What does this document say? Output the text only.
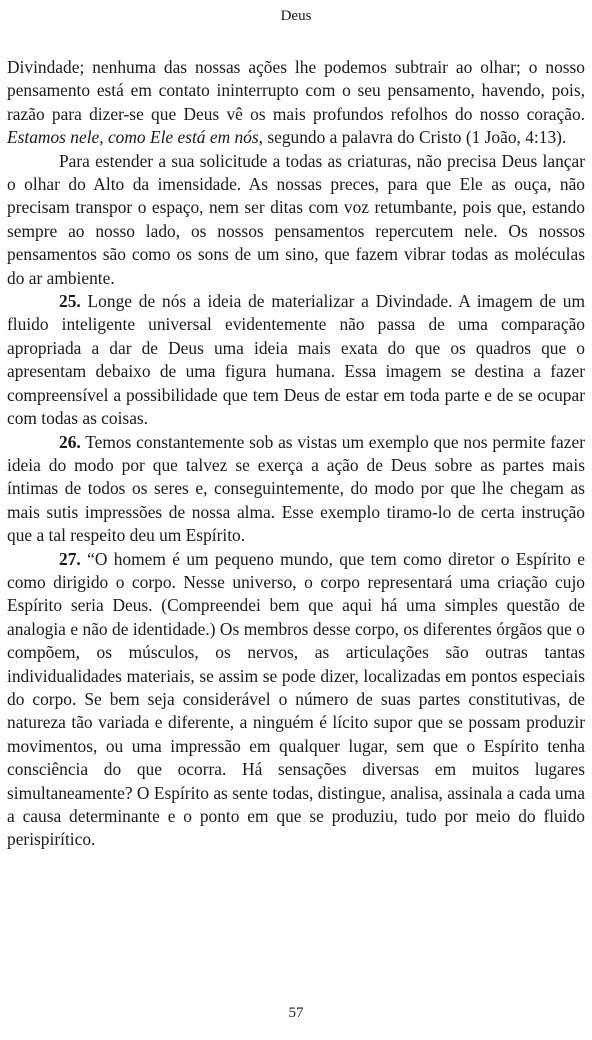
Deus

Divindade; nenhuma das nossas ações lhe podemos subtrair ao olhar; o nosso pensamento está em contato ininterrupto com o seu pensamento, havendo, pois, razão para dizer-se que Deus vê os mais profundos refolhos do nosso coração. Estamos nele, como Ele está em nós, segundo a palavra do Cristo (1 João, 4:13).

Para estender a sua solicitude a todas as criaturas, não precisa Deus lançar o olhar do Alto da imensidade. As nossas preces, para que Ele as ouça, não precisam transpor o espaço, nem ser ditas com voz retumbante, pois que, estando sempre ao nosso lado, os nossos pensamentos repercutem nele. Os nossos pensamentos são como os sons de um sino, que fazem vibrar todas as moléculas do ar ambiente.

25. Longe de nós a ideia de materializar a Divindade. A imagem de um fluido inteligente universal evidentemente não passa de uma comparação apropriada a dar de Deus uma ideia mais exata do que os quadros que o apresentam debaixo de uma figura humana. Essa imagem se destina a fazer compreensível a possibilidade que tem Deus de estar em toda parte e de se ocupar com todas as coisas.

26. Temos constantemente sob as vistas um exemplo que nos permite fazer ideia do modo por que talvez se exerça a ação de Deus sobre as partes mais íntimas de todos os seres e, conseguintemente, do modo por que lhe chegam as mais sutis impressões de nossa alma. Esse exemplo tiramo-lo de certa instrução que a tal respeito deu um Espírito.

27. “O homem é um pequeno mundo, que tem como diretor o Espírito e como dirigido o corpo. Nesse universo, o corpo representará uma criação cujo Espírito seria Deus. (Compreendei bem que aqui há uma simples questão de analogia e não de identidade.) Os membros desse corpo, os diferentes órgãos que o compõem, os músculos, os nervos, as articulações são outras tantas individualidades materiais, se assim se pode dizer, localizadas em pontos especiais do corpo. Se bem seja considerável o número de suas partes constitutivas, de natureza tão variada e diferente, a ninguém é lícito supor que se possam produzir movimentos, ou uma impressão em qualquer lugar, sem que o Espírito tenha consciência do que ocorra. Há sensações diversas em muitos lugares simultaneamente? O Espírito as sente todas, distingue, analisa, assinala a cada uma a causa determinante e o ponto em que se produziu, tudo por meio do fluido perispirítico.

57
